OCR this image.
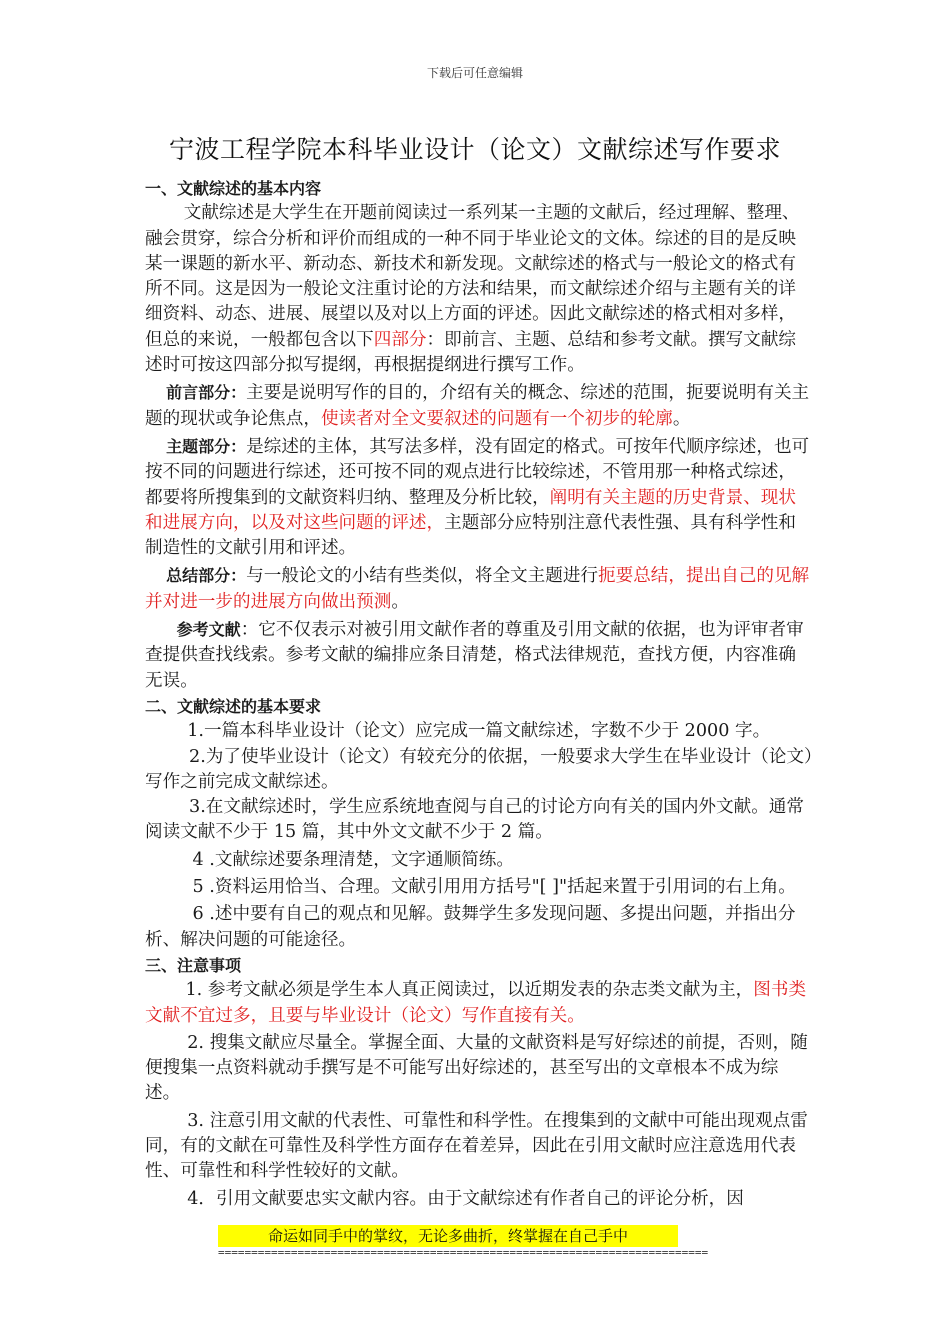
下载后可任意编辑
宁波工程学院本科毕业设计（论文）文献综述写作要求

一、文献综述的基本内容

文献综述是大学生在开题前阅读过一系列某一主题的文献后，经过理解、整理、融会贯穿，综合分析和评价而组成的一种不同于毕业论文的文体。综述的目的是反映某一课题的新水平、新动态、新技术和新发现。文献综述的格式与一般论文的格式有所不同。这是因为一般论文注重讨论的方法和结果，而文献综述介绍与主题有关的详细资料、动态、进展、展望以及对以上方面的评述。因此文献综述的格式相对多样，但总的来说，一般都包含以下四部分：即前言、主题、总结和参考文献。撰写文献综述时可按这四部分拟写提纲，再根据提纲进行撰写工作。

前言部分：主要是说明写作的目的，介绍有关的概念、综述的范围，扼要说明有关主题的现状或争论焦点，使读者对全文要叙述的问题有一个初步的轮廓。

主题部分：是综述的主体，其写法多样，没有固定的格式。可按年代顺序综述，也可按不同的问题进行综述，还可按不同的观点进行比较综述，不管用那一种格式综述，都要将所搜集到的文献资料归纳、整理及分析比较，阐明有关主题的历史背景、现状和进展方向，以及对这些问题的评述，主题部分应特别注意代表性强、具有科学性和制造性的文献引用和评述。

总结部分：与一般论文的小结有些类似，将全文主题进行扼要总结，提出自己的见解并对进一步的进展方向做出预测。

参考文献：它不仅表示对被引用文献作者的尊重及引用文献的依据，也为评审者审查提供查找线索。参考文献的编排应条目清楚，格式法律规范，查找方便，内容准确无误。

二、文献综述的基本要求

1.一篇本科毕业设计（论文）应完成一篇文献综述，字数不少于 2000 字。

2.为了使毕业设计（论文）有较充分的依据，一般要求大学生在毕业设计（论文）写作之前完成文献综述。

3.在文献综述时，学生应系统地查阅与自己的讨论方向有关的国内外文献。通常阅读文献不少于 15 篇，其中外文文献不少于 2 篇。

4 .文献综述要条理清楚，文字通顺简练。

5 .资料运用恰当、合理。文献引用用方括号"[ ]"括起来置于引用词的右上角。

6 .述中要有自己的观点和见解。鼓舞学生多发现问题、多提出问题，并指出分析、解决问题的可能途径。

三、注意事项

1. 参考文献必须是学生本人真正阅读过，以近期发表的杂志类文献为主，图书类文献不宜过多，且要与毕业设计（论文）写作直接有关。

2. 搜集文献应尽量全。掌握全面、大量的文献资料是写好综述的前提，否则，随便搜集一点资料就动手撰写是不可能写出好综述的，甚至写出的文章根本不成为综述。

3. 注意引用文献的代表性、可靠性和科学性。在搜集到的文献中可能出现观点雷同，有的文献在可靠性及科学性方面存在着差异，因此在引用文献时应注意选用代表性、可靠性和科学性较好的文献。

4．引用文献要忠实文献内容。由于文献综述有作者自己的评论分析，因

命运如同手中的掌纹，无论多曲折，终掌握在自己手中
==========================================================================
